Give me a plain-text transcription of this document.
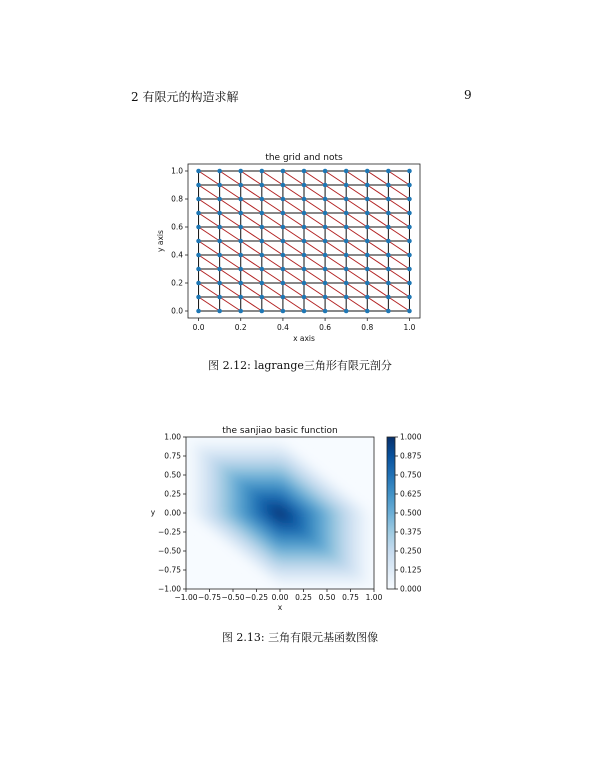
2 有限元的构造求解	9
0.0	0.2	0.4	0.6	0.8	1.0
0.0
0.2
0.4
0.6
0.8
1.0
the grid and nots
x axis
y axis
−1.00 −0.75 −0.50 −0.25 0.00 0.25 0.50 0.75 1.00
−1.00
−0.75
−0.50
−0.25
0.00
0.25
0.50
0.75
1.00
the sanjiao basic function
x
y
0.000
0.125
0.250
0.375
0.500
0.625
0.750
0.875
1.000
图 2.12: lagrange三角形有限元剖分
图 2.13: 三角有限元基函数图像
